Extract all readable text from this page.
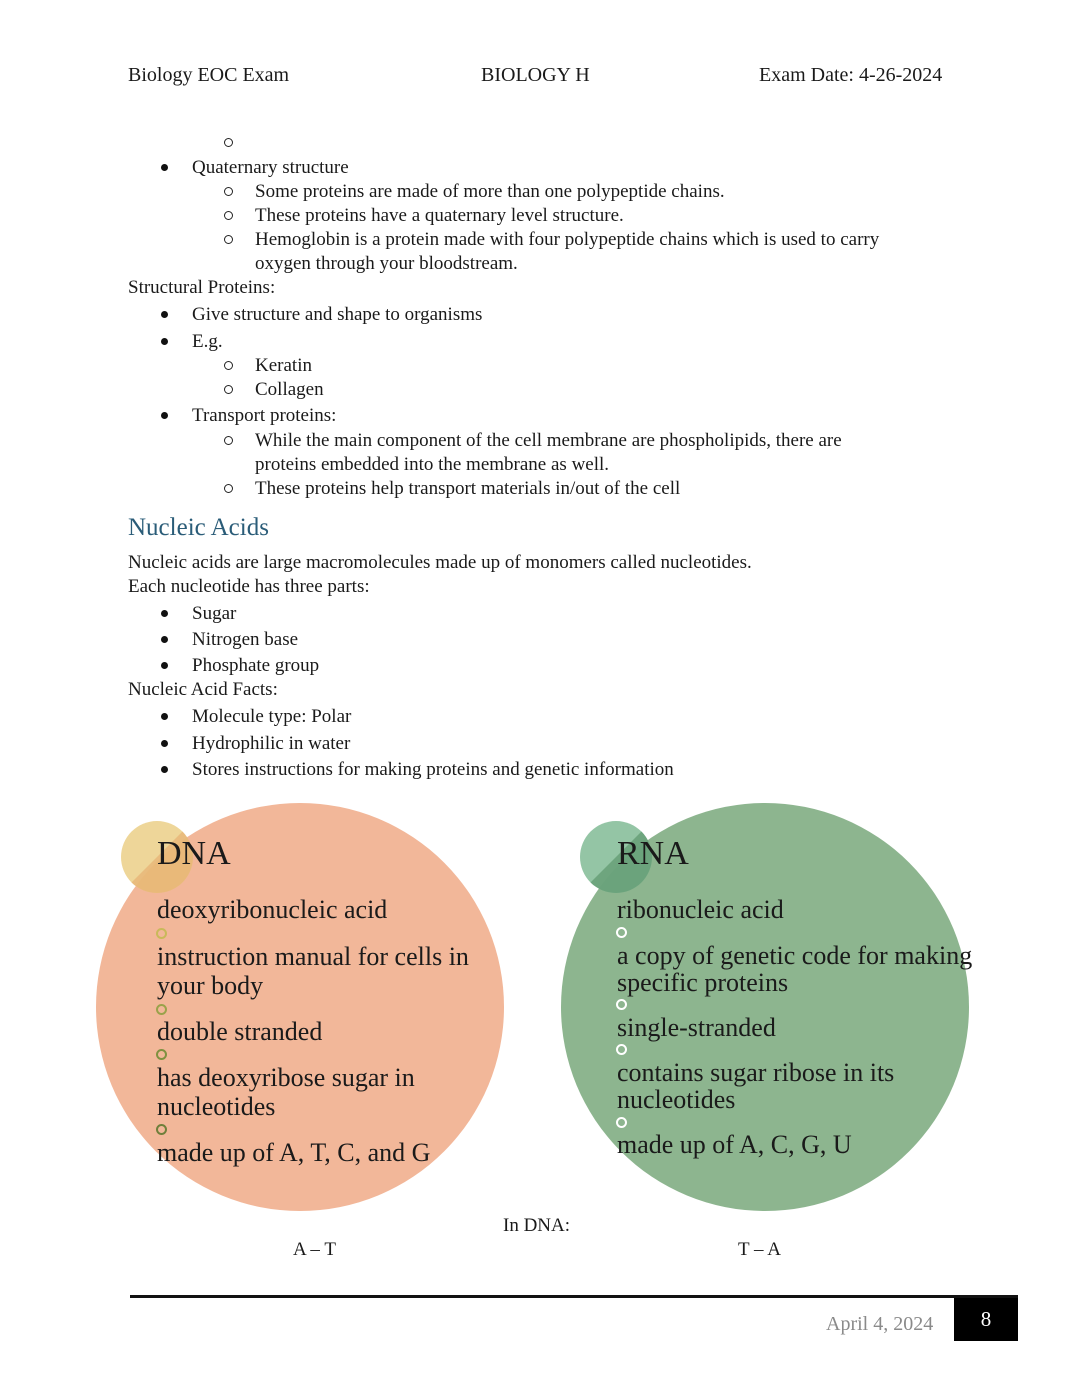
Biology EOC Exam	BIOLOGY H	Exam Date: 4-26-2024
Quaternary structure
Some proteins are made of more than one polypeptide chains.
These proteins have a quaternary level structure.
Hemoglobin is a protein made with four polypeptide chains which is used to carry
oxygen through your bloodstream.
Structural Proteins:
Give structure and shape to organisms
E.g.
Keratin
Collagen
Transport proteins:
While the main component of the cell membrane are phospholipids, there are
proteins embedded into the membrane as well.
These proteins help transport materials in/out of the cell
Nucleic Acids
Nucleic acids are large macromolecules made up of monomers called nucleotides.
Each nucleotide has three parts:
Sugar
Nitrogen base
Phosphate group
Nucleic Acid Facts:
Molecule type: Polar
Hydrophilic in water
Stores instructions for making proteins and genetic information
DNA
deoxyribonucleic acid
instruction manual for cells in
your body
double stranded
has deoxyribose sugar in
nucleotides
made up of A, T, C, and G
RNA
ribonucleic acid
a copy of genetic code for making
specific proteins
single-stranded
contains sugar ribose in its
nucleotides
made up of A, C, G, U
In DNA:
A – T	T – A
April 4, 2024	8
